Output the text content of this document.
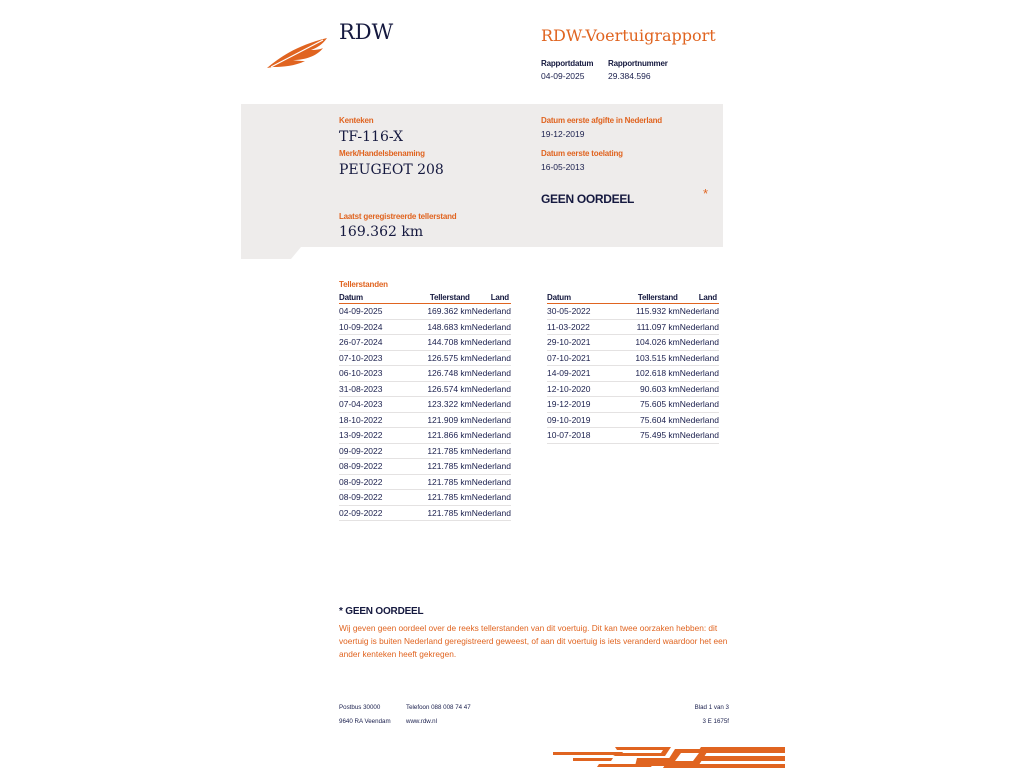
RDW	RDW-Voertuigrapport
Rapportdatum
04-09-2025
Rapportnummer
29.384.596
Kenteken
TF-116-X
Merk/Handelsbenaming
PEUGEOT 208
Laatst geregistreerde tellerstand
169.362 km
Datum eerste afgifte in Nederland
19-12-2019
Datum eerste toelating
16-05-2013
GEEN OORDEEL	*
Tellerstanden
Datum	Tellerstand	Land
04-09-2025	169.362 km	Nederland
10-09-2024	148.683 km	Nederland
26-07-2024	144.708 km	Nederland
07-10-2023	126.575 km	Nederland
06-10-2023	126.748 km	Nederland
31-08-2023	126.574 km	Nederland
07-04-2023	123.322 km	Nederland
18-10-2022	121.909 km	Nederland
13-09-2022	121.866 km	Nederland
09-09-2022	121.785 km	Nederland
08-09-2022	121.785 km	Nederland
08-09-2022	121.785 km	Nederland
08-09-2022	121.785 km	Nederland
02-09-2022	121.785 km	Nederland
Datum	Tellerstand	Land
30-05-2022	115.932 km	Nederland
11-03-2022	111.097 km	Nederland
29-10-2021	104.026 km	Nederland
07-10-2021	103.515 km	Nederland
14-09-2021	102.618 km	Nederland
12-10-2020	90.603 km	Nederland
19-12-2019	75.605 km	Nederland
09-10-2019	75.604 km	Nederland
10-07-2018	75.495 km	Nederland
* GEEN OORDEEL
Wij geven geen oordeel over de reeks tellerstanden van dit voertuig. Dit kan twee oorzaken hebben: dit voertuig is buiten Nederland geregistreerd geweest, of aan dit voertuig is iets veranderd waardoor het een ander kenteken heeft gekregen.
Postbus 30000	Telefoon 088 008 74 47
9640 RA Veendam www.rdw.nl
Blad 1 van 3
3 E 1675f
